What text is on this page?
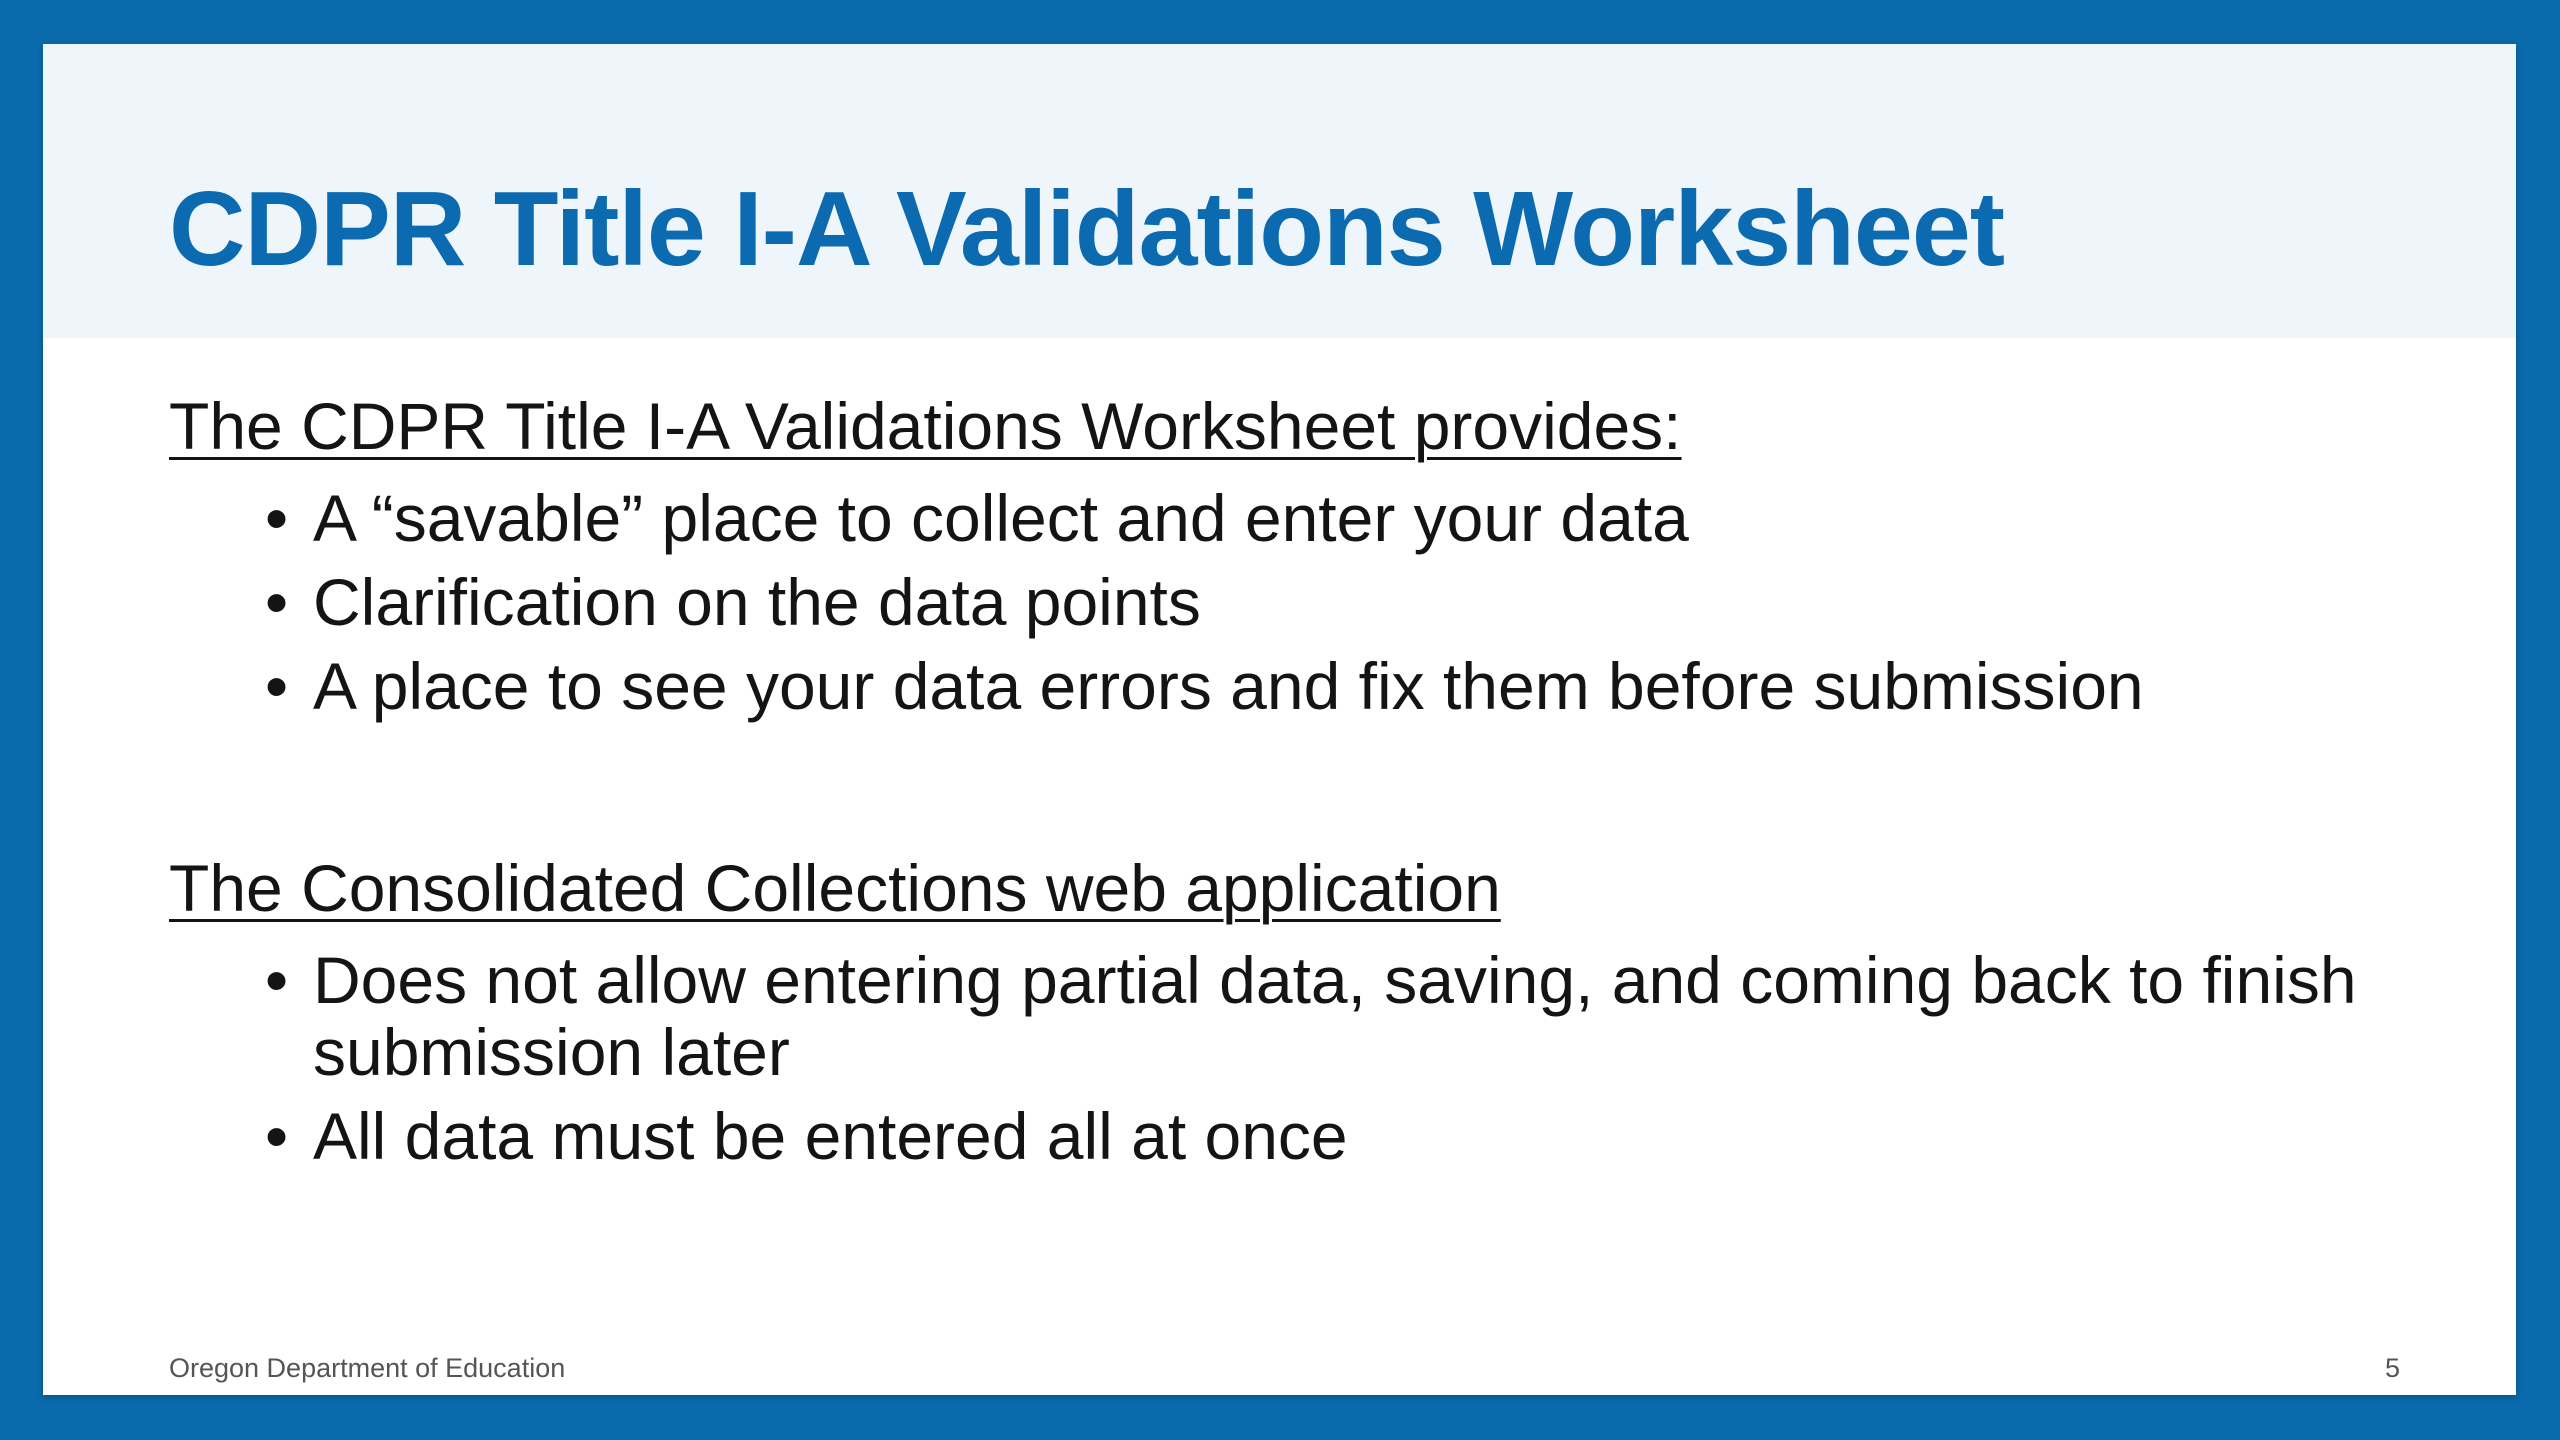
CDPR Title I-A Validations Worksheet

The CDPR Title I-A Validations Worksheet provides:

• A “savable” place to collect and enter your data
• Clarification on the data points
• A place to see your data errors and fix them before submission

The Consolidated Collections web application

• Does not allow entering partial data, saving, and coming back to finish submission later
• All data must be entered all at once
Oregon Department of Education	5
